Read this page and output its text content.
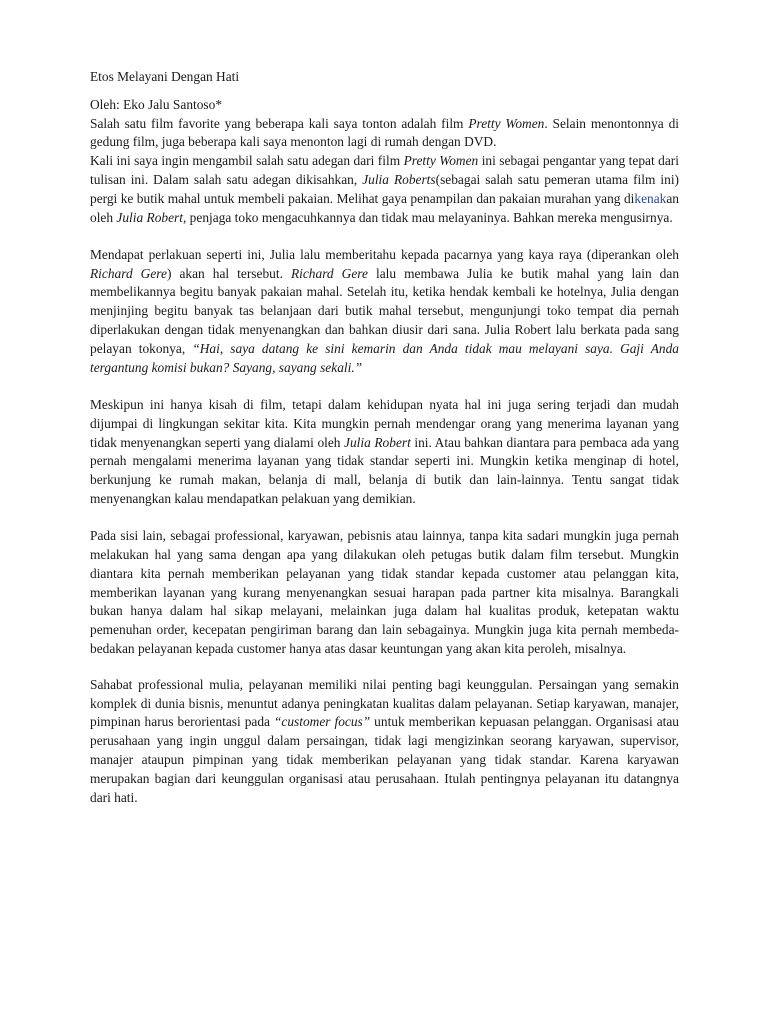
Etos Melayani Dengan Hati

Oleh: Eko Jalu Santoso*

Salah satu film favorite yang beberapa kali saya tonton adalah film Pretty Women. Selain menontonnya di gedung film, juga beberapa kali saya menonton lagi di rumah dengan DVD.

Kali ini saya ingin mengambil salah satu adegan dari film Pretty Women ini sebagai pengantar yang tepat dari tulisan ini. Dalam salah satu adegan dikisahkan, Julia Roberts(sebagai salah satu pemeran utama film ini) pergi ke butik mahal untuk membeli pakaian. Melihat gaya penampilan dan pakaian murahan yang dikenakan oleh Julia Robert, penjaga toko mengacuhkannya dan tidak mau melayaninya. Bahkan mereka mengusirnya.

Mendapat perlakuan seperti ini, Julia lalu memberitahu kepada pacarnya yang kaya raya (diperankan oleh Richard Gere) akan hal tersebut. Richard Gere lalu membawa Julia ke butik mahal yang lain dan membelikannya begitu banyak pakaian mahal. Setelah itu, ketika hendak kembali ke hotelnya, Julia dengan menjinjing begitu banyak tas belanjaan dari butik mahal tersebut, mengunjungi toko tempat dia pernah diperlakukan dengan tidak menyenangkan dan bahkan diusir dari sana. Julia Robert lalu berkata pada sang pelayan tokonya, “Hai, saya datang ke sini kemarin dan Anda tidak mau melayani saya. Gaji Anda tergantung komisi bukan? Sayang, sayang sekali.”

Meskipun ini hanya kisah di film, tetapi dalam kehidupan nyata hal ini juga sering terjadi dan mudah dijumpai di lingkungan sekitar kita. Kita mungkin pernah mendengar orang yang menerima layanan yang tidak menyenangkan seperti yang dialami oleh Julia Robert ini. Atau bahkan diantara para pembaca ada yang pernah mengalami menerima layanan yang tidak standar seperti ini. Mungkin ketika menginap di hotel, berkunjung ke rumah makan, belanja di mall, belanja di butik dan lain-lainnya. Tentu sangat tidak menyenangkan kalau mendapatkan pelakuan yang demikian.

Pada sisi lain, sebagai professional, karyawan, pebisnis atau lainnya, tanpa kita sadari mungkin juga pernah melakukan hal yang sama dengan apa yang dilakukan oleh petugas butik dalam film tersebut. Mungkin diantara kita pernah memberikan pelayanan yang tidak standar kepada customer atau pelanggan kita, memberikan layanan yang kurang menyenangkan sesuai harapan pada partner kita misalnya. Barangkali bukan hanya dalam hal sikap melayani, melainkan juga dalam hal kualitas produk, ketepatan waktu pemenuhan order, kecepatan pengiriman barang dan lain sebagainya. Mungkin juga kita pernah membeda-bedakan pelayanan kepada customer hanya atas dasar keuntungan yang akan kita peroleh, misalnya.

Sahabat professional mulia, pelayanan memiliki nilai penting bagi keunggulan. Persaingan yang semakin komplek di dunia bisnis, menuntut adanya peningkatan kualitas dalam pelayanan. Setiap karyawan, manajer, pimpinan harus berorientasi pada “customer focus” untuk memberikan kepuasan pelanggan. Organisasi atau perusahaan yang ingin unggul dalam persaingan, tidak lagi mengizinkan seorang karyawan, supervisor, manajer ataupun pimpinan yang tidak memberikan pelayanan yang tidak standar. Karena karyawan merupakan bagian dari keunggulan organisasi atau perusahaan. Itulah pentingnya pelayanan itu datangnya dari hati.
